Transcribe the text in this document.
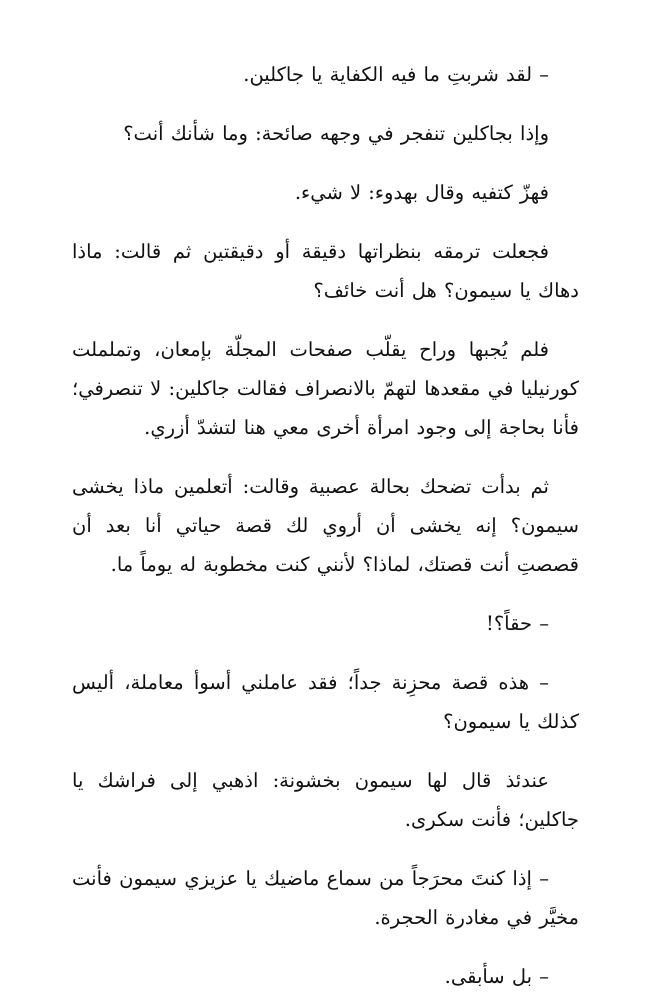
– لقد شربتِ ما فيه الكفاية يا جاكلين.

وإذا بجاكلين تنفجر في وجهه صائحة: وما شأنك أنت؟

فهزّ كتفيه وقال بهدوء: لا شيء.

فجعلت ترمقه بنظراتها دقيقة أو دقيقتين ثم قالت: ماذا دهاك يا سيمون؟ هل أنت خائف؟

فلم يُجبها وراح يقلّب صفحات المجلّة بإمعان، وتململت كورنيليا في مقعدها لتهمّ بالانصراف فقالت جاكلين: لا تنصرفي؛ فأنا بحاجة إلى وجود امرأة أخرى معي هنا لتشدّ أزري.

ثم بدأت تضحك بحالة عصبية وقالت: أتعلمين ماذا يخشى سيمون؟ إنه يخشى أن أروي لك قصة حياتي أنا بعد أن قصصتِ أنت قصتك، لماذا؟ لأنني كنت مخطوبة له يوماً ما.

– حقاً؟!

– هذه قصة محزِنة جداً؛ فقد عاملني أسوأ معاملة، أليس كذلك يا سيمون؟

عندئذ قال لها سيمون بخشونة: اذهبي إلى فراشك يا جاكلين؛ فأنت سكرى.

– إذا كنتَ محرَجاً من سماع ماضيك يا عزيزي سيمون فأنت مخيَّر في مغادرة الحجرة.

– بل سأبقى.
